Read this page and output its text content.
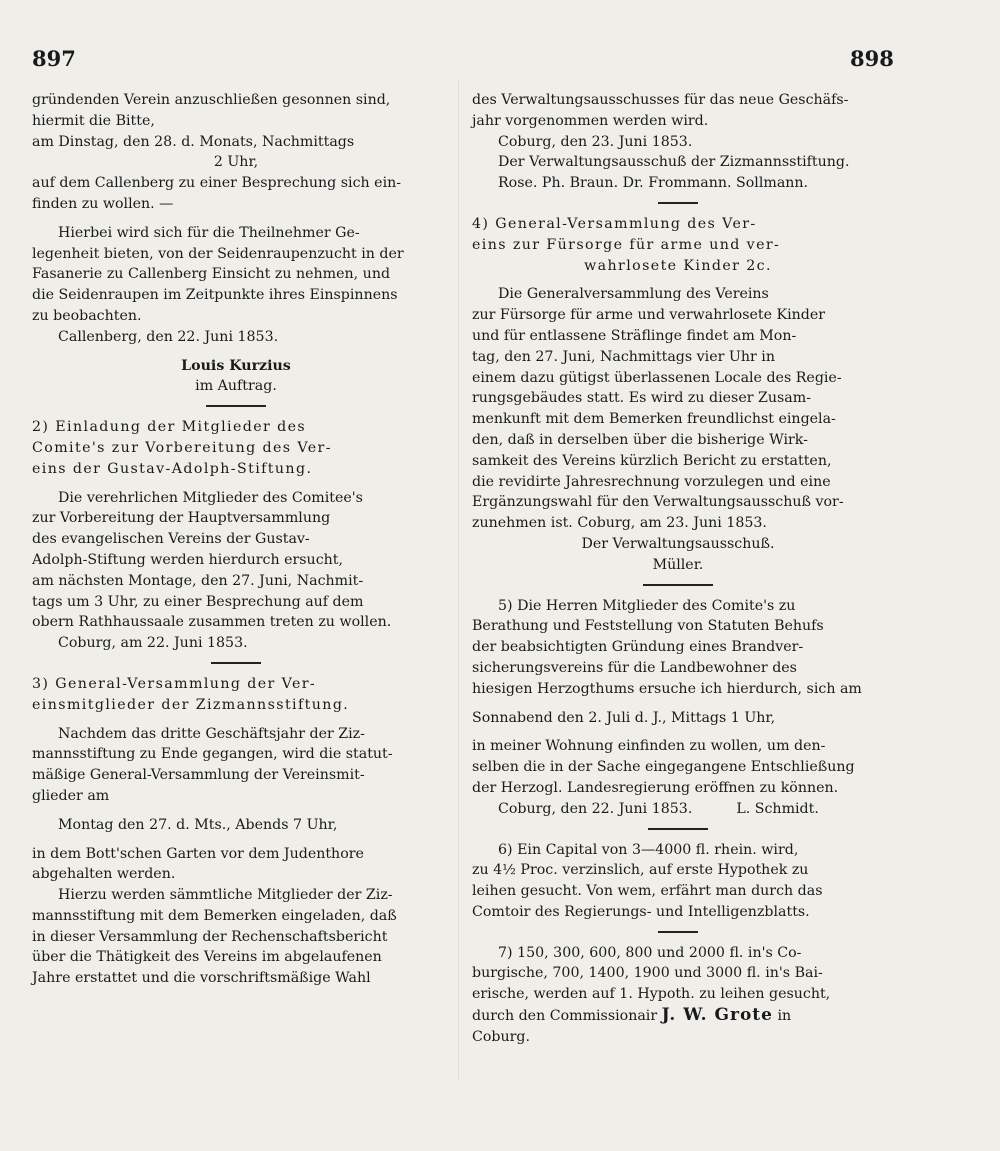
897	898

gründenden Verein anzuschließen gesonnen sind,

hiermit die Bitte,

am Dinstag, den 28. d. Monats, Nachmittags

2 Uhr,

auf dem Callenberg zu einer Besprechung sich ein-

finden zu wollen. —

Hierbei wird sich für die Theilnehmer Ge-

legenheit bieten, von der Seidenraupenzucht in der

Fasanerie zu Callenberg Einsicht zu nehmen, und

die Seidenraupen im Zeitpunkte ihres Einspinnens

zu beobachten.

Callenberg, den 22. Juni 1853.

Louis Kurzius

im Auftrag.

2) Einladung der Mitglieder des

Comite's zur Vorbereitung des Ver-

eins der Gustav-Adolph-Stiftung.

Die verehrlichen Mitglieder des Comitee's

zur Vorbereitung der Hauptversammlung

des evangelischen Vereins der Gustav-

Adolph-Stiftung werden hierdurch ersucht,

am nächsten Montage, den 27. Juni, Nachmit-

tags um 3 Uhr, zu einer Besprechung auf dem

obern Rathhaussaale zusammen treten zu wollen.

Coburg, am 22. Juni 1853.

3) General-Versammlung der Ver-

einsmitglieder der Zizmannsstiftung.

Nachdem das dritte Geschäftsjahr der Ziz-

mannsstiftung zu Ende gegangen, wird die statut-

mäßige General-Versammlung der Vereinsmit-

glieder am

Montag den 27. d. Mts., Abends 7 Uhr,

in dem Bott'schen Garten vor dem Judenthore

abgehalten werden.

Hierzu werden sämmtliche Mitglieder der Ziz-

mannsstiftung mit dem Bemerken eingeladen, daß

in dieser Versammlung der Rechenschaftsbericht

über die Thätigkeit des Vereins im abgelaufenen

Jahre erstattet und die vorschriftsmäßige Wahl

des Verwaltungsausschusses für das neue Geschäfs-

jahr vorgenommen werden wird.

Coburg, den 23. Juni 1853.

Der Verwaltungsausschuß der Zizmannsstiftung.

Rose. Ph. Braun. Dr. Frommann. Sollmann.

4) General-Versammlung des Ver-

eins zur Fürsorge für arme und ver-

wahrlosete Kinder 2c.

Die Generalversammlung des Vereins

zur Fürsorge für arme und verwahrlosete Kinder

und für entlassene Sträflinge findet am Mon-

tag, den 27. Juni, Nachmittags vier Uhr in

einem dazu gütigst überlassenen Locale des Regie-

rungsgebäudes statt. Es wird zu dieser Zusam-

menkunft mit dem Bemerken freundlichst eingela-

den, daß in derselben über die bisherige Wirk-

samkeit des Vereins kürzlich Bericht zu erstatten,

die revidirte Jahresrechnung vorzulegen und eine

Ergänzungswahl für den Verwaltungsausschuß vor-

zunehmen ist. Coburg, am 23. Juni 1853.

Der Verwaltungsausschuß.

Müller.

5) Die Herren Mitglieder des Comite's zu

Berathung und Feststellung von Statuten Behufs

der beabsichtigten Gründung eines Brandver-

sicherungsvereins für die Landbewohner des

hiesigen Herzogthums ersuche ich hierdurch, sich am

Sonnabend den 2. Juli d. J., Mittags 1 Uhr,

in meiner Wohnung einfinden zu wollen, um den-

selben die in der Sache eingegangene Entschließung

der Herzogl. Landesregierung eröffnen zu können.

Coburg, den 22. Juni 1853.	L. Schmidt.

6) Ein Capital von 3—4000 fl. rhein. wird,

zu 4½ Proc. verzinslich, auf erste Hypothek zu

leihen gesucht. Von wem, erfährt man durch das

Comtoir des Regierungs- und Intelligenzblatts.

7) 150, 300, 600, 800 und 2000 fl. in's Co-

burgische, 700, 1400, 1900 und 3000 fl. in's Bai-

erische, werden auf 1. Hypoth. zu leihen gesucht,

durch den Commissionair J. W. Grote in

Coburg.
